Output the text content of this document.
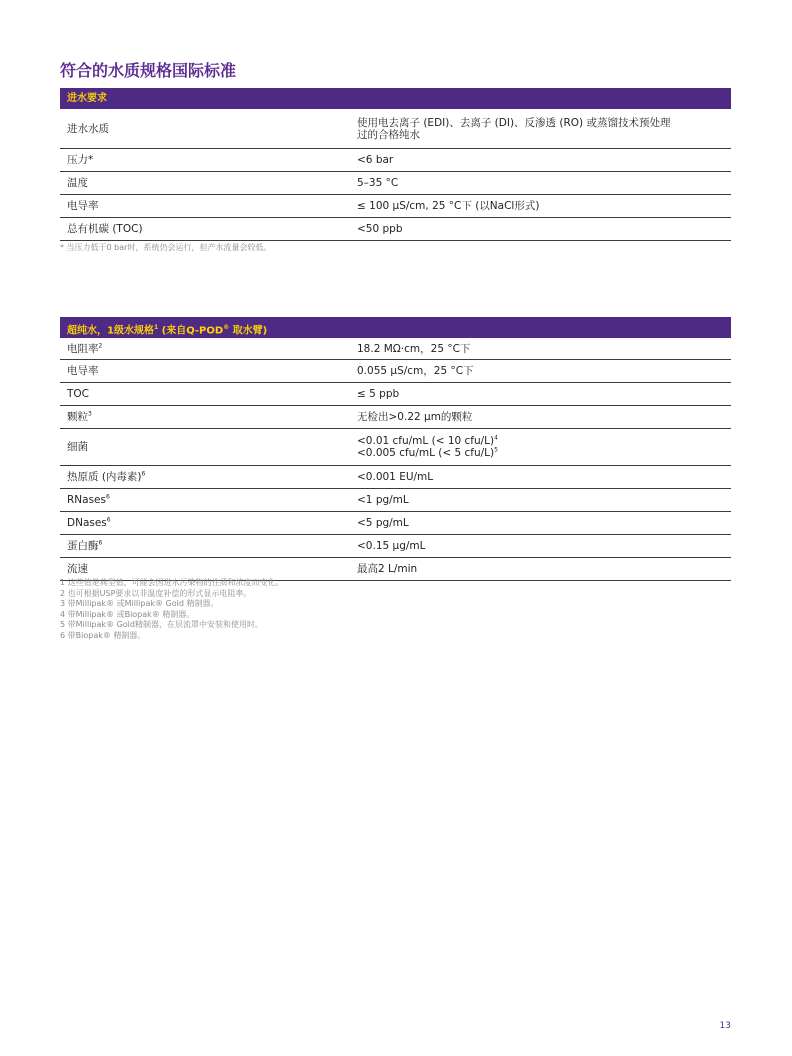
符合的水质规格国际标准
进水要求
进水水质	使用电去离子 (EDI)、去离子 (DI)、反渗透 (RO) 或蒸馏技术预处理过的合格纯水
压力*	<6 bar
温度	5–35 °C
电导率	≤ 100 µS/cm, 25 °C下 (以NaCl形式)
总有机碳 (TOC)	<50 ppb
* 当压力低于0 bar时，系统仍会运行，但产水流量会较低。
超纯水，1级水规格$^1$ (来自Q-POD® 取水臂)
电阻率$^2$	18.2 MΩ·cm，25 °C下
电导率	0.055 µS/cm，25 °C下
TOC	≤ 5 ppb
颗粒$^3$	无检出>0.22 µm的颗粒
细菌	<0.01 cfu/mL (< 10 cfu/L)$^4$
<0.005 cfu/mL (< 5 cfu/L)$^5$
热原质 (内毒素)$^6$	<0.001 EU/mL
RNases$^6$	<1 pg/mL
DNases$^6$	<5 pg/mL
蛋白酶$^6$	<0.15 µg/mL
流速	最高2 L/min
1 这些值是典型值，可能会因进水污染物的性质和浓度而变化。
2 也可根据USP要求以非温度补偿的形式显示电阻率。
3 带Millipak® 或Millipak® Gold 精制器。
4 带Millipak® 或Biopak® 精制器。
5 带Millipak® Gold精制器，在层流罩中安装和使用时。
6 带Biopak® 精制器。
13
